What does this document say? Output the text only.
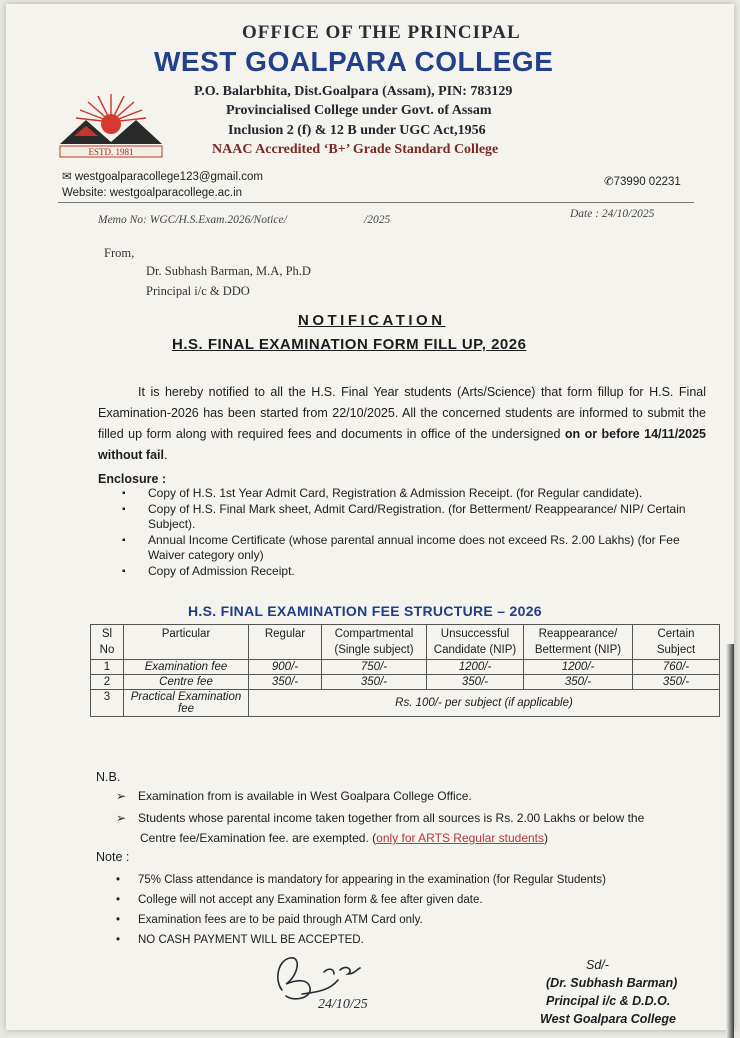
OFFICE OF THE PRINCIPAL
WEST GOALPARA COLLEGE
ESTD. 1981
P.O. Balarbhita, Dist.Goalpara (Assam), PIN: 783129
Provincialised College under Govt. of Assam
Inclusion 2 (f) & 12 B under UGC Act,1956
NAAC Accredited ‘B+’ Grade Standard College
✉ westgoalparacollege123@gmail.com
Website: westgoalparacollege.ac.in
✆73990 02231
Memo No: WGC/H.S.Exam.2026/Notice/	/2025	Date : 24/10/2025
From,
Dr. Subhash Barman, M.A, Ph.D
Principal i/c & DDO
NOTIFICATION
H.S. FINAL EXAMINATION FORM FILL UP, 2026
It is hereby notified to all the H.S. Final Year students (Arts/Science) that form fillup for H.S. Final Examination-2026 has been started from 22/10/2025. All the concerned students are informed to submit the filled up form along with required fees and documents in office of the undersigned on or before 14/11/2025 without fail.
Enclosure :
▪ Copy of H.S. 1st Year Admit Card, Registration & Admission Receipt. (for Regular candidate).
▪ Copy of H.S. Final Mark sheet, Admit Card/Registration. (for Betterment/ Reappearance/ NIP/ Certain Subject).
▪ Annual Income Certificate (whose parental annual income does not exceed Rs. 2.00 Lakhs) (for Fee Waiver category only)
▪ Copy of Admission Receipt.
H.S. FINAL EXAMINATION FEE STRUCTURE – 2026
Sl No	Particular	Regular	Compartmental (Single subject)	Unsuccessful Candidate (NIP)	Reappearance/ Betterment (NIP)	Certain Subject
1	Examination fee	900/-	750/-	1200/-	1200/-	760/-
2	Centre fee	350/-	350/-	350/-	350/-	350/-
3	Practical Examination fee	Rs. 100/- per subject (if applicable)				
N.B.
➢ Examination from is available in West Goalpara College Office.
➢ Students whose parental income taken together from all sources is Rs. 2.00 Lakhs or below the
Centre fee/Examination fee. are exempted. (only for ARTS Regular students)
Note :
• 75% Class attendance is mandatory for appearing in the examination (for Regular Students)
• College will not accept any Examination form & fee after given date.
• Examination fees are to be paid through ATM Card only.
• NO CASH PAYMENT WILL BE ACCEPTED.
24/10/25
Sd/-
(Dr. Subhash Barman)
Principal i/c & D.D.O.
West Goalpara College
